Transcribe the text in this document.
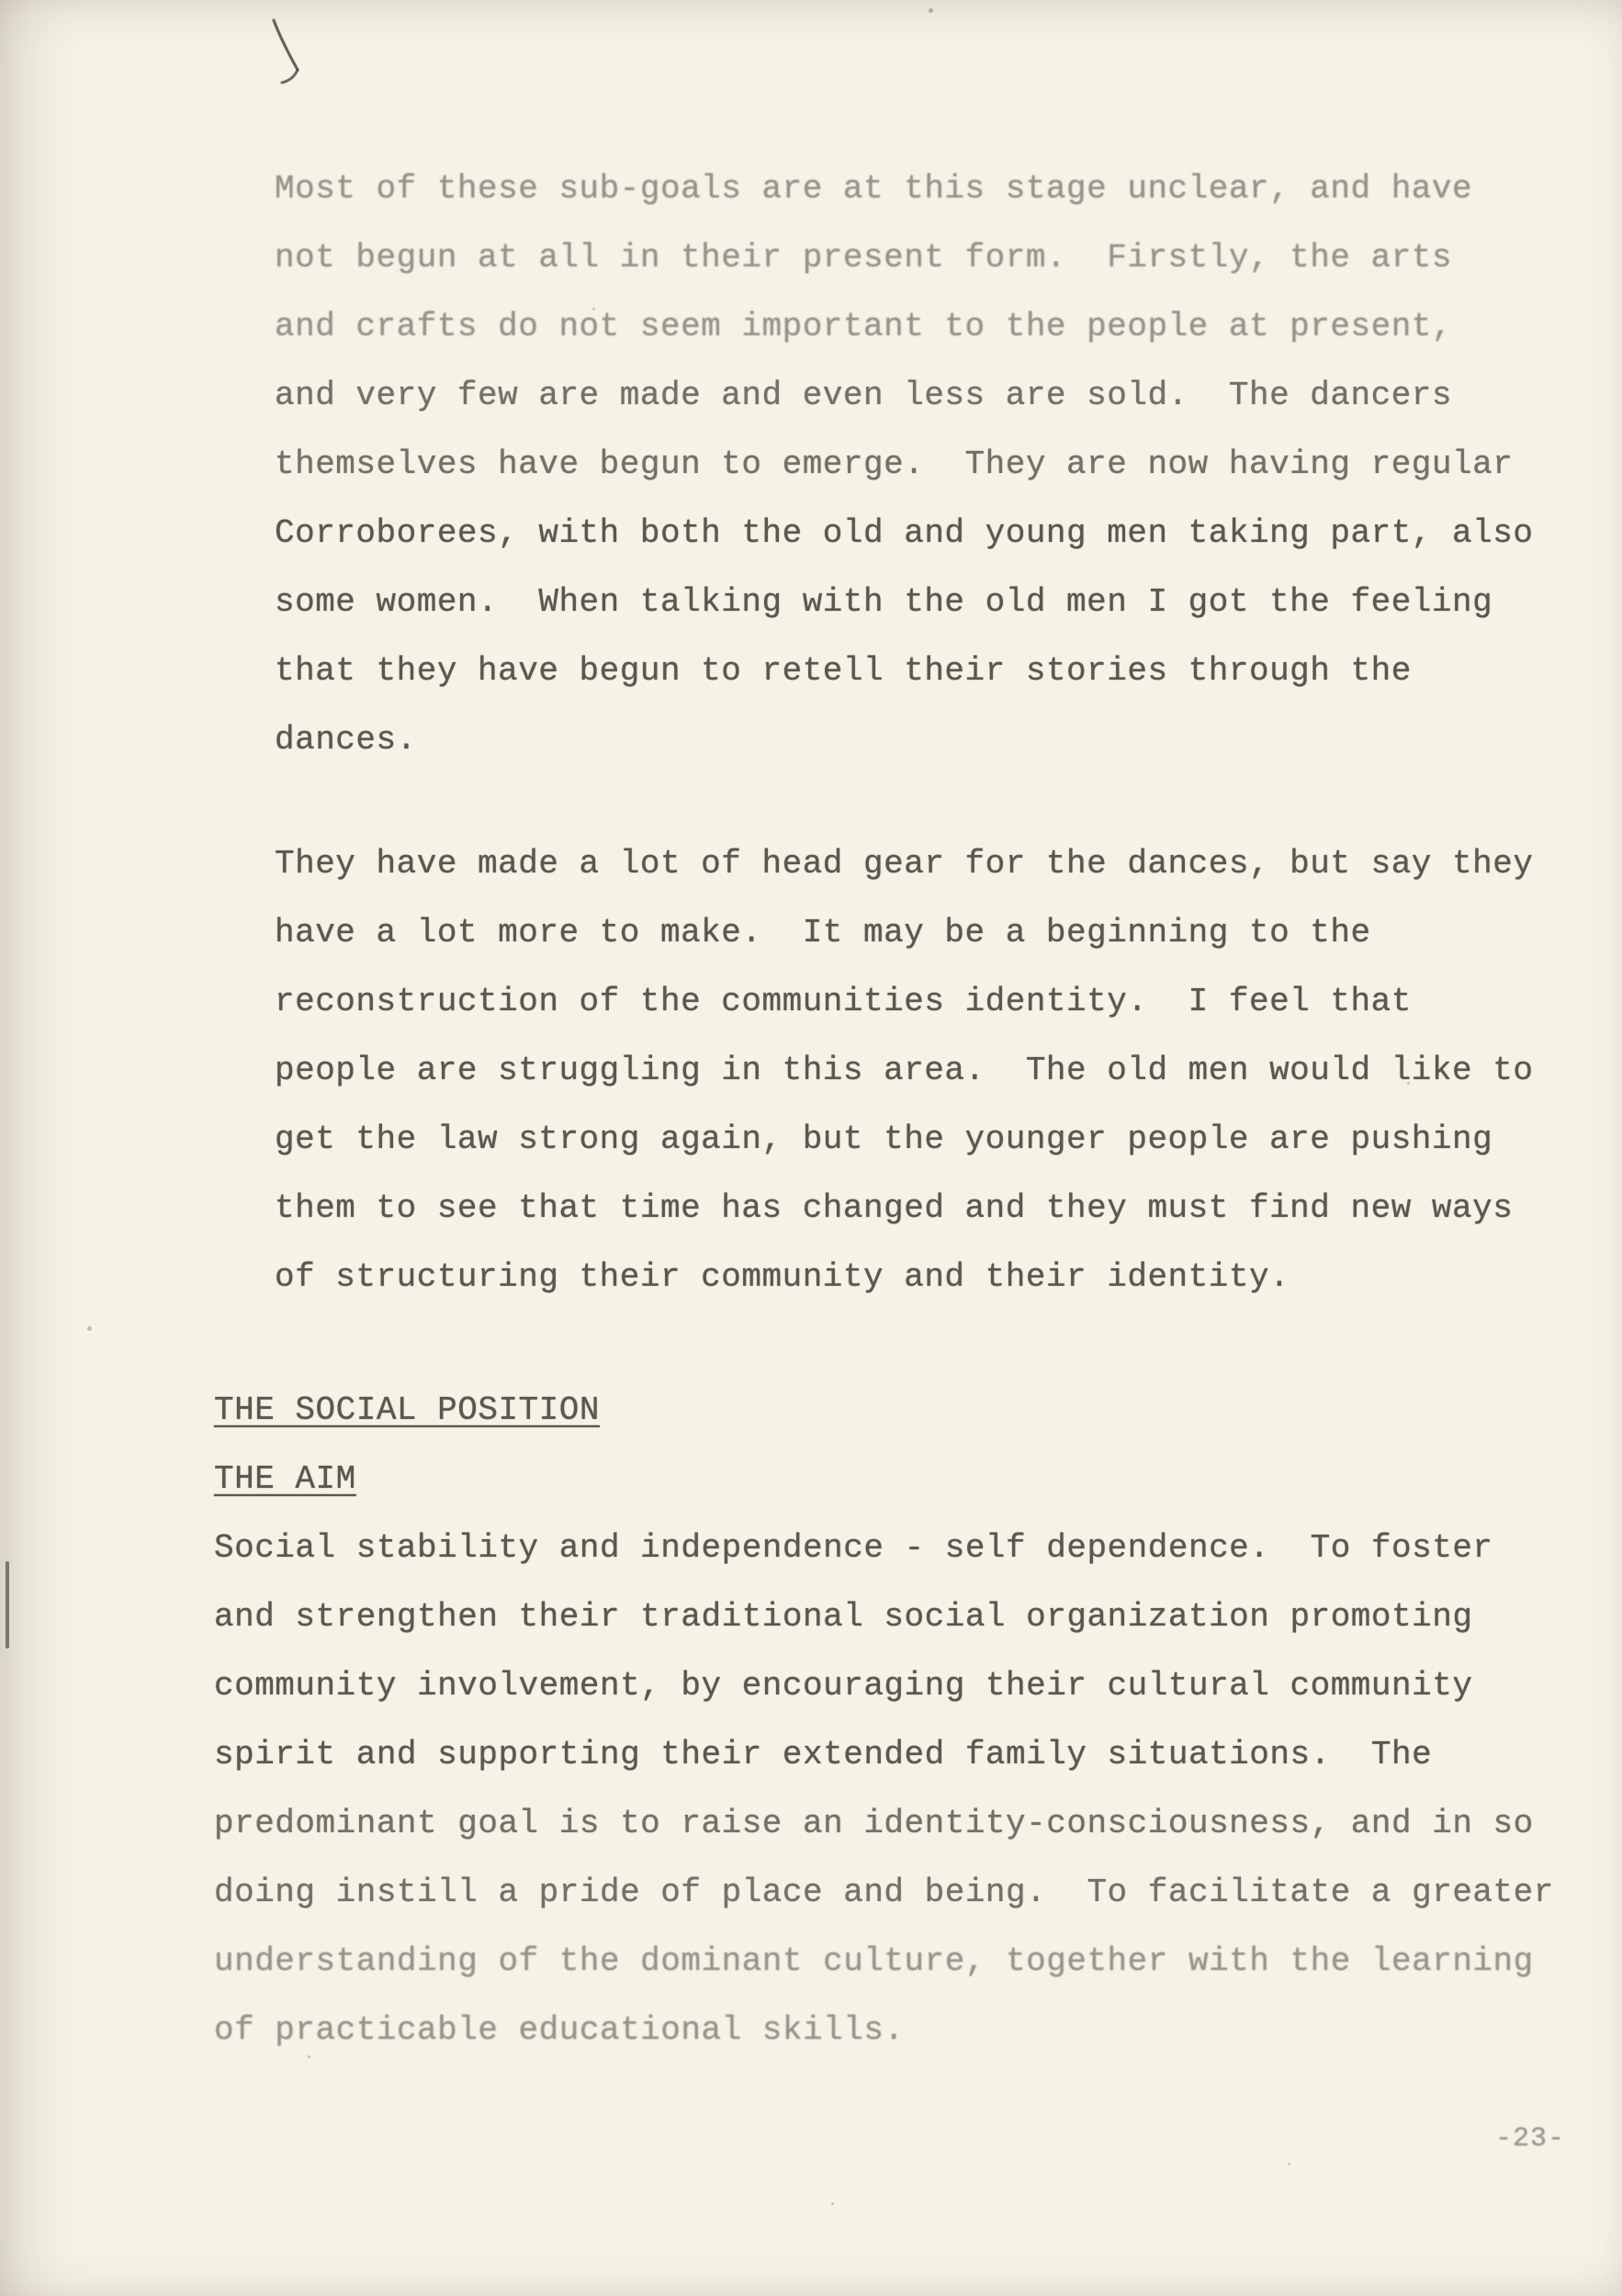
Most of these sub-goals are at this stage unclear, and have
not begun at all in their present form.  Firstly, the arts
and crafts do not seem important to the people at present,
and very few are made and even less are sold.  The dancers
themselves have begun to emerge.  They are now having regular
Corroborees, with both the old and young men taking part, also
some women.  When talking with the old men I got the feeling
that they have begun to retell their stories through the
dances.

They have made a lot of head gear for the dances, but say they
have a lot more to make.  It may be a beginning to the
reconstruction of the communities identity.  I feel that
people are struggling in this area.  The old men would like to
get the law strong again, but the younger people are pushing
them to see that time has changed and they must find new ways
of structuring their community and their identity.

THE SOCIAL POSITION
THE AIM

Social stability and independence - self dependence.  To foster
and strengthen their traditional social organization promoting
community involvement, by encouraging their cultural community
spirit and supporting their extended family situations.  The
predominant goal is to raise an identity-consciousness, and in so
doing instill a pride of place and being.  To facilitate a greater
understanding of the dominant culture, together with the learning
of practicable educational skills.

-23-
